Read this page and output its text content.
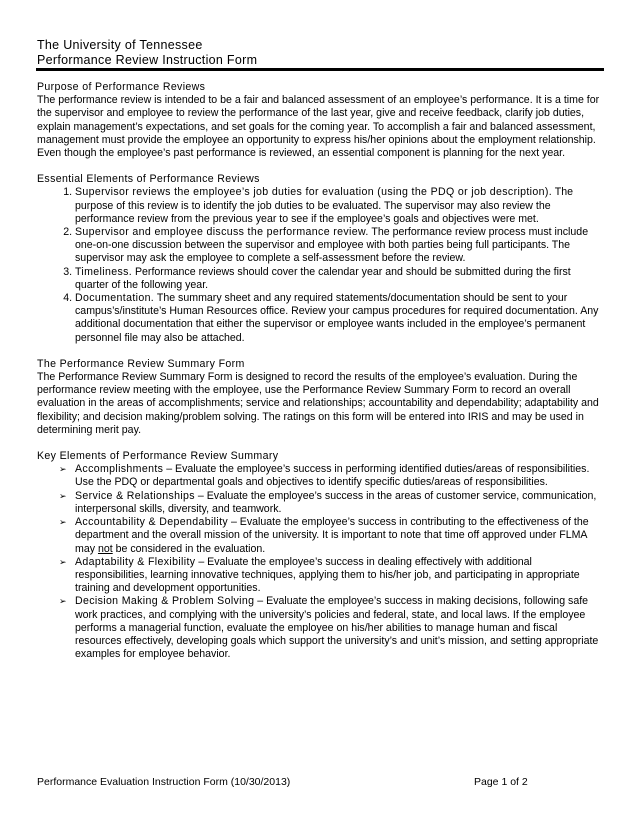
The University of Tennessee
Performance Review Instruction Form
Purpose of Performance Reviews

The performance review is intended to be a fair and balanced assessment of an employee’s performance. It is a time for the supervisor and employee to review the performance of the last year, give and receive feedback, clarify job duties, explain management’s expectations, and set goals for the coming year. To accomplish a fair and balanced assessment, management must provide the employee an opportunity to express his/her opinions about the employment relationship. Even though the employee’s past performance is reviewed, an essential component is planning for the next year.

Essential Elements of Performance Reviews
1. Supervisor reviews the employee’s job duties for evaluation (using the PDQ or job description). The purpose of this review is to identify the job duties to be evaluated. The supervisor may also review the performance review from the previous year to see if the employee’s goals and objectives were met.
2. Supervisor and employee discuss the performance review. The performance review process must include one-on-one discussion between the supervisor and employee with both parties being full participants. The supervisor may ask the employee to complete a self-assessment before the review.
3. Timeliness. Performance reviews should cover the calendar year and should be submitted during the first quarter of the following year.
4. Documentation. The summary sheet and any required statements/documentation should be sent to your campus’s/institute’s Human Resources office. Review your campus procedures for required documentation. Any additional documentation that either the supervisor or employee wants included in the employee’s permanent personnel file may also be attached.
The Performance Review Summary Form

The Performance Review Summary Form is designed to record the results of the employee’s evaluation. During the performance review meeting with the employee, use the Performance Review Summary Form to record an overall evaluation in the areas of accomplishments; service and relationships; accountability and dependability; adaptability and flexibility; and decision making/problem solving. The ratings on this form will be entered into IRIS and may be used in determining merit pay.

Key Elements of Performance Review Summary
➢ Accomplishments – Evaluate the employee’s success in performing identified duties/areas of responsibilities. Use the PDQ or departmental goals and objectives to identify specific duties/areas of responsibilities.
➢ Service & Relationships – Evaluate the employee’s success in the areas of customer service, communication, interpersonal skills, diversity, and teamwork.
➢ Accountability & Dependability – Evaluate the employee’s success in contributing to the effectiveness of the department and the overall mission of the university. It is important to note that time off approved under FLMA may not be considered in the evaluation.
➢ Adaptability & Flexibility – Evaluate the employee’s success in dealing effectively with additional responsibilities, learning innovative techniques, applying them to his/her job, and participating in appropriate training and development opportunities.
➢ Decision Making & Problem Solving – Evaluate the employee’s success in making decisions, following safe work practices, and complying with the university’s policies and federal, state, and local laws. If the employee performs a managerial function, evaluate the employee on his/her abilities to manage human and fiscal resources effectively, developing goals which support the university’s and unit’s mission, and setting appropriate examples for employee behavior.
Performance Evaluation Instruction Form (10/30/2013)	Page 1 of 2
